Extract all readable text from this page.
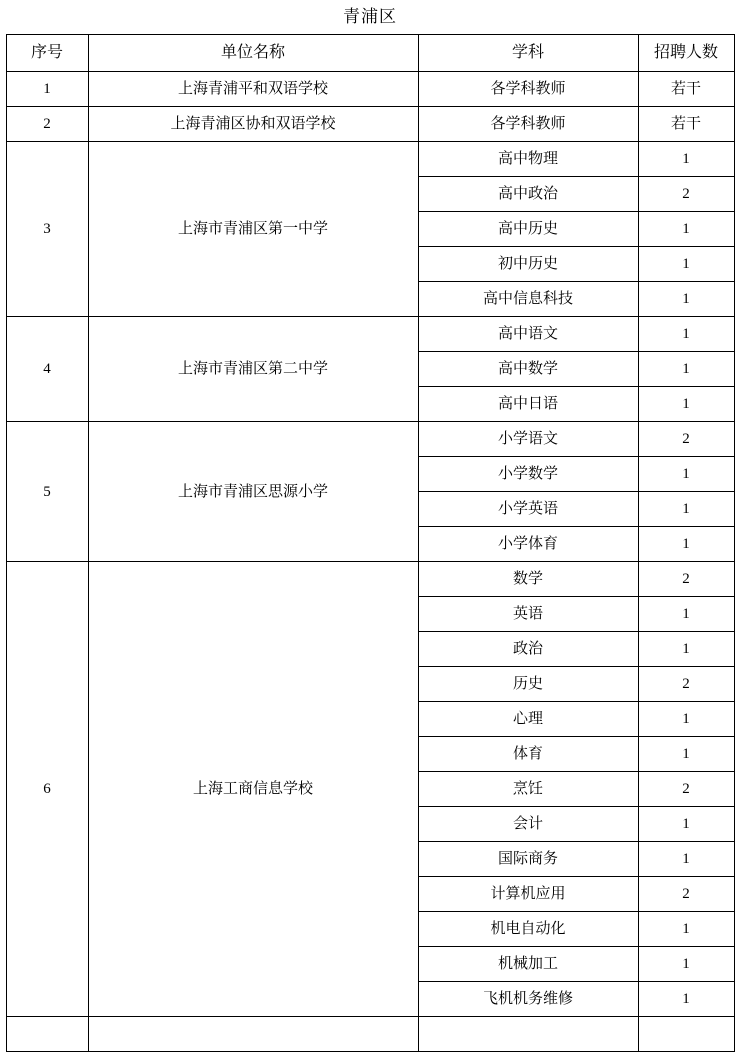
青浦区
序号	单位名称	学科	招聘人数
1	上海青浦平和双语学校	各学科教师	若干
2	上海青浦区协和双语学校	各学科教师	若干
3	上海市青浦区第一中学	高中物理	1
		高中政治	2
		高中历史	1
		初中历史	1
		高中信息科技	1
4	上海市青浦区第二中学	高中语文	1
		高中数学	1
		高中日语	1
5	上海市青浦区思源小学	小学语文	2
		小学数学	1
		小学英语	1
		小学体育	1
6	上海工商信息学校	数学	2
		英语	1
		政治	1
		历史	2
		心理	1
		体育	1
		烹饪	2
		会计	1
		国际商务	1
		计算机应用	2
		机电自动化	1
		机械加工	1
		飞机机务维修	1
